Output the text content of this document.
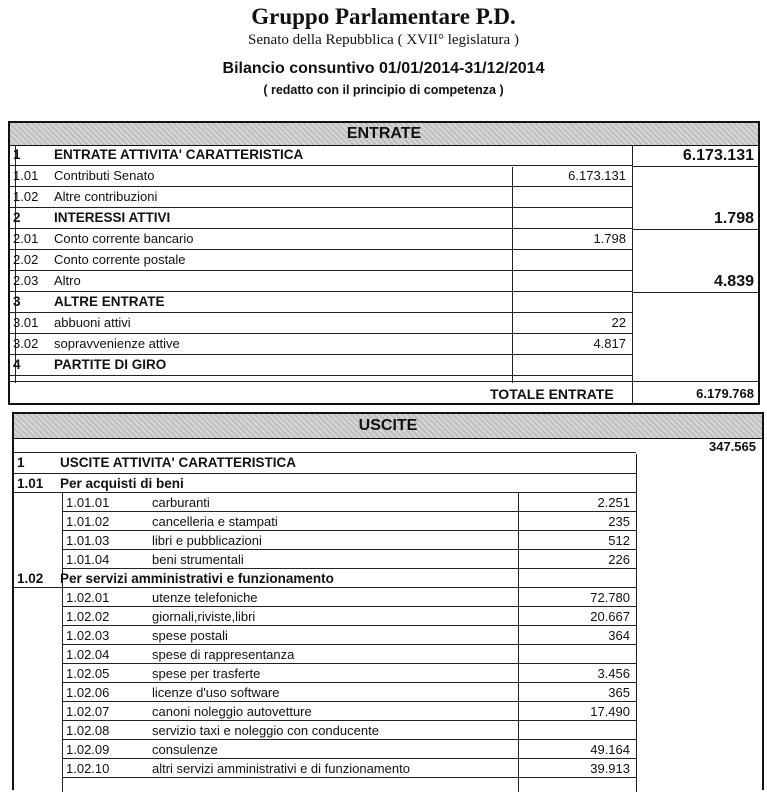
Gruppo Parlamentare P.D.
Senato della Repubblica ( XVII° legislatura )
Bilancio consuntivo 01/01/2014-31/12/2014
( redatto con il principio di competenza )
ENTRATE
1 ENTRATE ATTIVITA' CARATTERISTICA	6.173.131
1.01 Contributi Senato	6.173.131
1.02 Altre contribuzioni
2 INTERESSI ATTIVI	1.798
2.01 Conto corrente bancario	1.798
2.02 Conto corrente postale
2.03 Altro	4.839
3 ALTRE ENTRATE
3.01 abbuoni attivi	22
3.02 sopravvenienze attive	4.817
4 PARTITE DI GIRO
TOTALE ENTRATE	6.179.768
USCITE
347.565
1	USCITE ATTIVITA' CARATTERISTICA
1.01 Per acquisti di beni
1.01.01	carburanti	2.251
1.01.02	cancelleria e stampati	235
1.01.03	libri e pubblicazioni	512
1.01.04	beni strumentali	226
1.02 Per servizi amministrativi e funzionamento
1.02.01	utenze telefoniche	72.780
1.02.02	giornali,riviste,libri	20.667
1.02.03	spese postali	364
1.02.04	spese di rappresentanza
1.02.05	spese per trasferte	3.456
1.02.06	licenze d'uso software	365
1.02.07	canoni noleggio autovetture	17.490
1.02.08	servizio taxi e noleggio con conducente
1.02.09	consulenze	49.164
1.02.10	altri servizi amministrativi e di funzionamento	39.913
